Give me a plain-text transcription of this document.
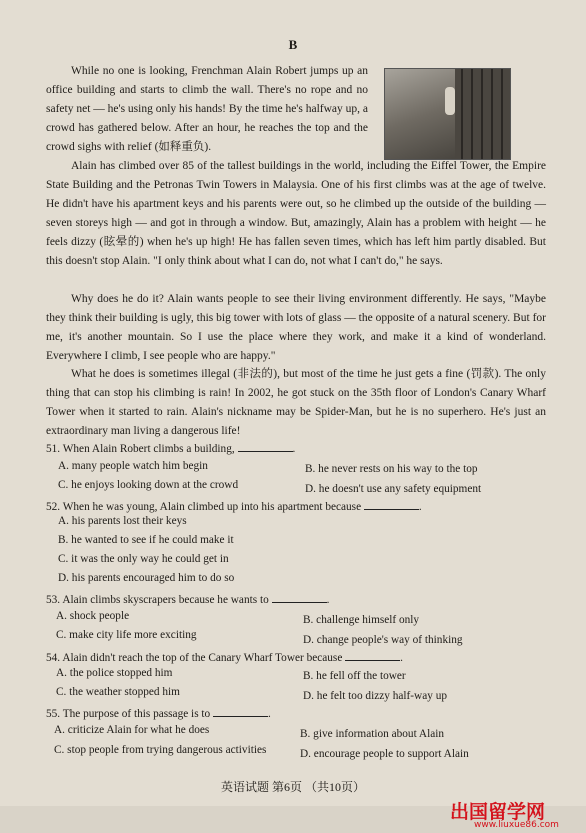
B

While no one is looking, Frenchman Alain Robert jumps up an office building and starts to climb the wall. There's no rope and no safety net — he's using only his hands! By the time he's halfway up, a crowd has gathered below. After an hour, he reaches the top and the crowd sighs with relief (如释重负).

Alain has climbed over 85 of the tallest buildings in the world, including the Eiffel Tower, the Empire State Building and the Petronas Twin Towers in Malaysia. One of his first climbs was at the age of twelve. He didn't have his apartment keys and his parents were out, so he climbed up the outside of the building — seven storeys high — and got in through a window. But, amazingly, Alain has a problem with height — he feels dizzy (眩晕的) when he's up high! He has fallen seven times, which has left him partly disabled. But this doesn't stop Alain. "I only think about what I can do, not what I can't do," he says.

Why does he do it? Alain wants people to see their living environment differently. He says, "Maybe they think their building is ugly, this big tower with lots of glass — the opposite of a natural scenery. But for me, it's another mountain. So I use the place where they work, and make it a kind of wonderland. Everywhere I climb, I see people who are happy."

What he does is sometimes illegal (非法的), but most of the time he just gets a fine (罚款). The only thing that can stop his climbing is rain! In 2002, he got stuck on the 35th floor of London's Canary Wharf Tower when it started to rain. Alain's nickname may be Spider-Man, but he is no superhero. He's just an extraordinary man living a dangerous life!

51. When Alain Robert climbs a building,	.
A. many people watch him begin	B. he never rests on his way to the top
C. he enjoys looking down at the crowd	D. he doesn't use any safety equipment
52. When he was young, Alain climbed up into his apartment because	.
A. his parents lost their keys
B. he wanted to see if he could make it
C. it was the only way he could get in
D. his parents encouraged him to do so
53. Alain climbs skyscrapers because he wants to	.
A. shock people	B. challenge himself only
C. make city life more exciting	D. change people's way of thinking
54. Alain didn't reach the top of the Canary Wharf Tower because	.
A. the police stopped him	B. he fell off the tower
C. the weather stopped him	D. he felt too dizzy half-way up
55. The purpose of this passage is to	.
A. criticize Alain for what he does	B. give information about Alain
C. stop people from trying dangerous activities	D. encourage people to support Alain
英语试题 第6页 （共10页）
出国留学网
www.liuxue86.com
